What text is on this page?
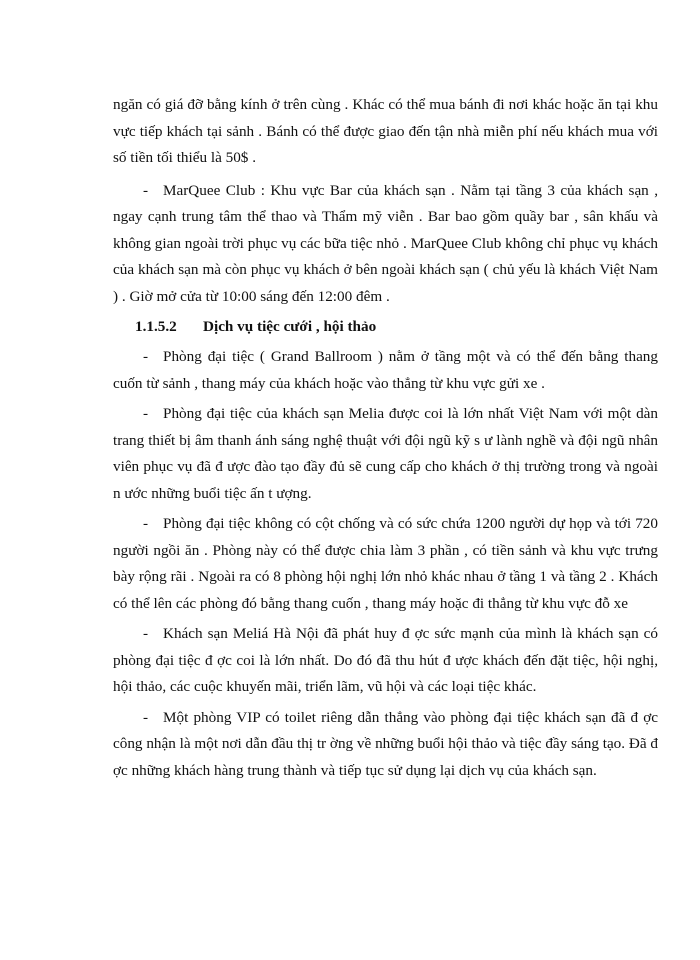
ngăn có giá đỡ bằng kính ở trên cùng . Khác có thể mua bánh đi nơi khác hoặc ăn tại khu vực tiếp khách tại sảnh . Bánh có thể được giao đến tận nhà miễn phí nếu khách mua với số tiền tối thiểu là 50$ .

- MarQuee Club : Khu vực Bar của khách sạn . Nằm tại tầng 3 của khách sạn , ngay cạnh trung tâm thể thao và Thẩm mỹ viễn . Bar bao gồm quầy bar , sân khấu và không gian ngoài trời phục vụ các bữa tiệc nhỏ . MarQuee Club không chỉ phục vụ khách của khách sạn mà còn phục vụ khách ở bên ngoài khách sạn ( chủ yếu là khách Việt Nam ) . Giờ mở cửa từ 10:00 sáng đến 12:00 đêm .

1.1.5.2 Dịch vụ tiệc cưới , hội thảo

- Phòng đại tiệc ( Grand Ballroom ) nằm ở tầng một và có thể đến bằng thang cuốn từ sảnh , thang máy của khách hoặc vào thẳng từ khu vực gửi xe .

- Phòng đại tiệc của khách sạn Melia được coi là lớn nhất Việt Nam với một dàn trang thiết bị âm thanh ánh sáng nghệ thuật với đội ngũ kỹ s ư lành nghề và đội ngũ nhân viên phục vụ đã đ ược đào tạo đầy đủ sẽ cung cấp cho khách ở thị trường trong và ngoài n ước những buổi tiệc ấn t ượng.

- Phòng đại tiệc không có cột chống và có sức chứa 1200 người dự họp và tới 720 người ngồi ăn . Phòng này có thể được chia làm 3 phần , có tiền sảnh và khu vực trưng bày rộng rãi . Ngoài ra có 8 phòng hội nghị lớn nhỏ khác nhau ở tầng 1 và tầng 2 . Khách có thể lên các phòng đó bằng thang cuốn , thang máy hoặc đi thẳng từ khu vực đỗ xe

- Khách sạn Meliá Hà Nội đã phát huy đ ợc sức mạnh của mình là khách sạn có phòng đại tiệc đ ợc coi là lớn nhất. Do đó đã thu hút đ ược khách đến đặt tiệc, hội nghị, hội thảo, các cuộc khuyến mãi, triển lãm, vũ hội và các loại tiệc khác.

- Một phòng VIP có toilet riêng dẫn thẳng vào phòng đại tiệc khách sạn đã đ ợc công nhận là một nơi dẫn đầu thị tr ờng về những buổi hội thảo và tiệc đầy sáng tạo. Đã đ ợc những khách hàng trung thành và tiếp tục sử dụng lại dịch vụ của khách sạn.
